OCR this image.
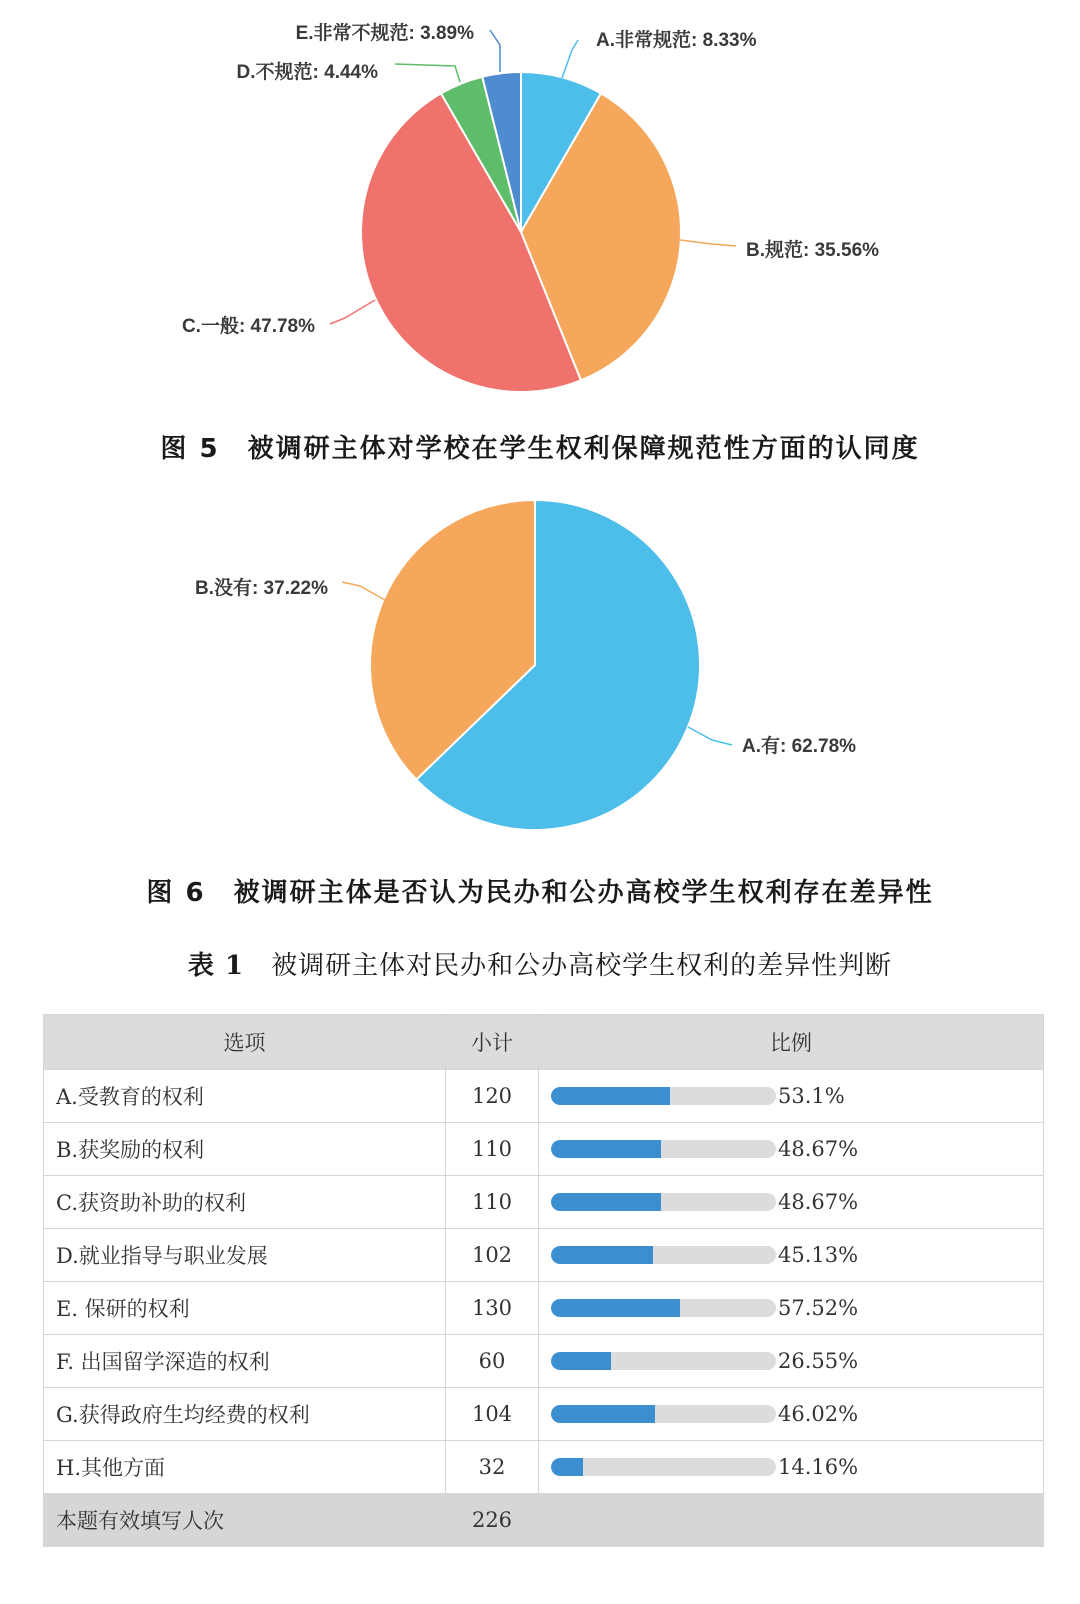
A.非常规范: 8.33%
B.规范: 35.56%
C.一般: 47.78%
D.不规范: 4.44%
E.非常不规范: 3.89%
图 5　被调研主体对学校在学生权利保障规范性方面的认同度
A.有: 62.78%
B.没有: 37.22%
图 6　被调研主体是否认为民办和公办高校学生权利存在差异性
表 1　 被调研主体对民办和公办高校学生权利的差异性判断
选项	小计	比例
A.受教育的权利	120	53.1%

B.获奖励的权利	110	48.67%

C.获资助补助的权利	110	48.67%

D.就业指导与职业发展	102	45.13%

E. 保研的权利	130	57.52%

F. 出国留学深造的权利	60	26.55%

G.获得政府生均经费的权利	104	46.02%

H.其他方面	32	14.16%

本题有效填写人次	226	
